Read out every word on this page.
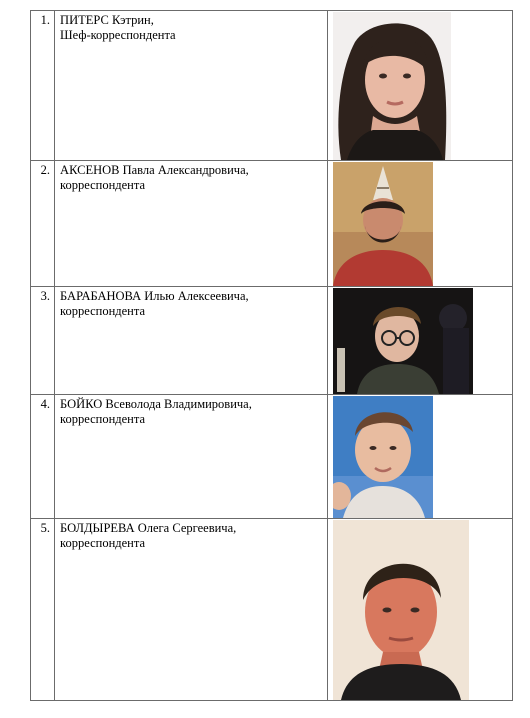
1.	ПИТЕРС Кэтрин,
Шеф-корреспондента

2.	АКСЕНОВ Павла Александровича,
корреспондента

3.	БАРАБАНОВА Илью Алексеевича,
корреспондента

4.	БОЙКО Всеволода Владимировича,
корреспондента

5.	БОЛДЫРЕВА Олега Сергеевича,
корреспондента
